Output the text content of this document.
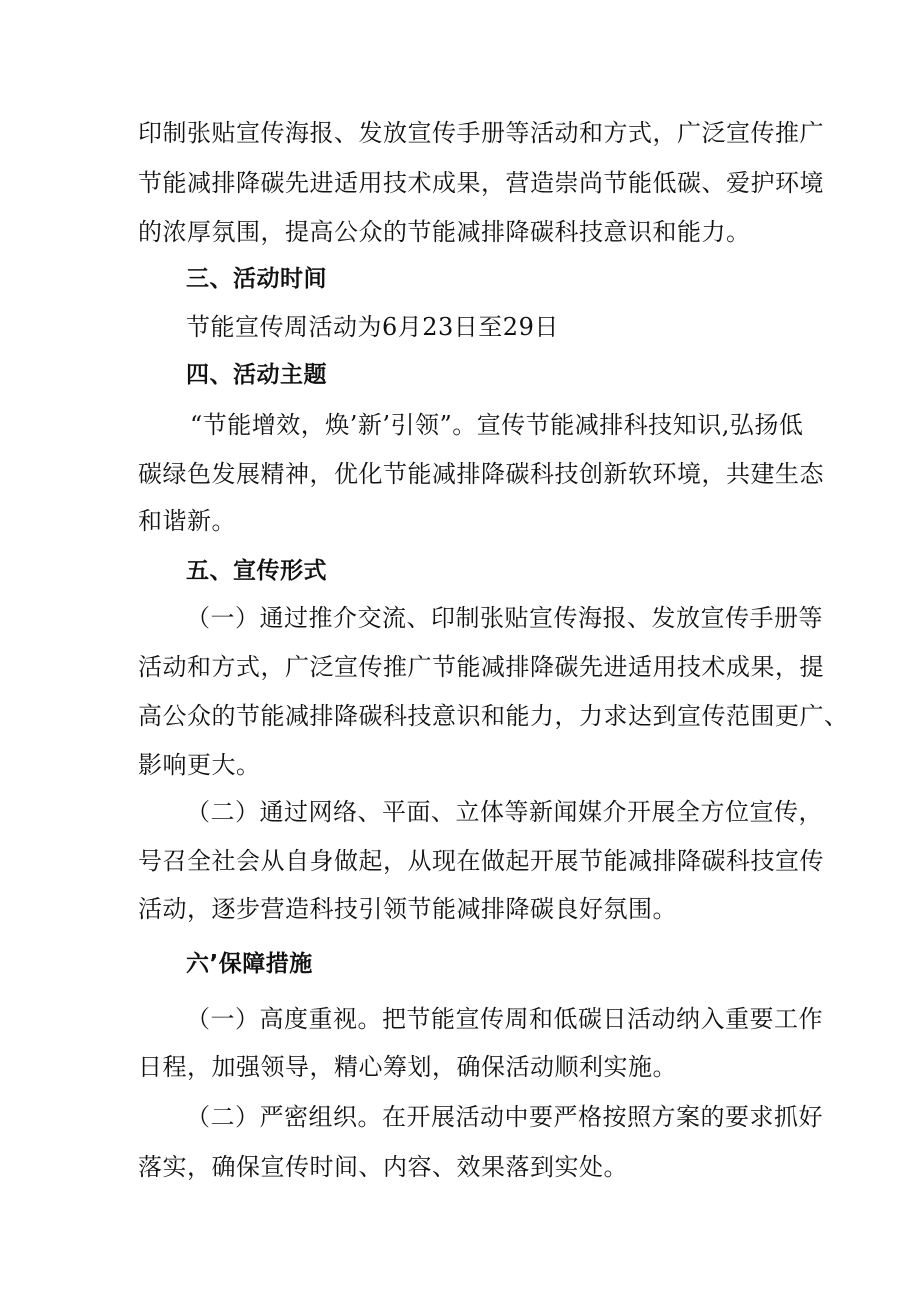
印制张贴宣传海报、发放宣传手册等活动和方式，广泛宣传推广
节能减排降碳先进适用技术成果，营造崇尚节能低碳、爱护环境
的浓厚氛围，提高公众的节能减排降碳科技意识和能力。
三、活动时间
节能宣传周活动为6月23日至29日
四、活动主题
“节能增效，焕’新’引领”。宣传节能减排科技知识,弘扬低
碳绿色发展精神，优化节能减排降碳科技创新软环境，共建生态
和谐新。
五、宣传形式
（一）通过推介交流、印制张贴宣传海报、发放宣传手册等
活动和方式，广泛宣传推广节能减排降碳先进适用技术成果，提
高公众的节能减排降碳科技意识和能力，力求达到宣传范围更广、
影响更大。
（二）通过网络、平面、立体等新闻媒介开展全方位宣传，
号召全社会从自身做起，从现在做起开展节能减排降碳科技宣传
活动，逐步营造科技引领节能减排降碳良好氛围。
六’保障措施
（一）高度重视。把节能宣传周和低碳日活动纳入重要工作
日程，加强领导，精心筹划，确保活动顺利实施。
（二）严密组织。在开展活动中要严格按照方案的要求抓好
落实，确保宣传时间、内容、效果落到实处。
